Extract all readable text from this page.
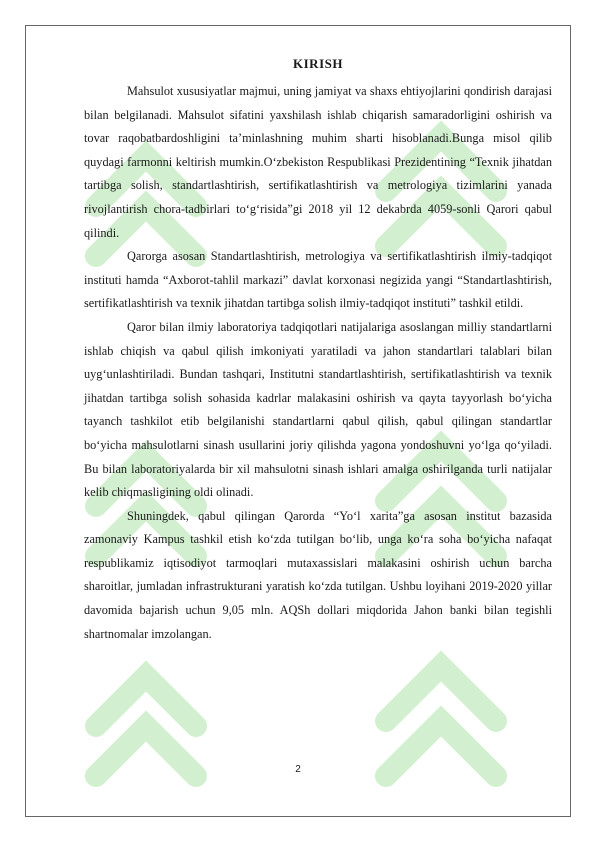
KIRISH

Mahsulot xususiyatlar majmui, uning jamiyat va shaxs ehtiyojlarini qondirish darajasi bilan belgilanadi. Mahsulot sifatini yaxshilash ishlab chiqarish samaradorligini oshirish va tovar raqobatbardoshligini ta’minlashning muhim sharti hisoblanadi.Bunga misol qilib quydagi farmonni keltirish mumkin.O‘zbekiston Respublikasi Prezidentining “Texnik jihatdan tartibga solish, standartlashtirish, sertifikatlashtirish va metrologiya tizimlarini yanada rivojlantirish chora-tadbirlari to‘g‘risida”gi 2018 yil 12 dekabrda 4059-sonli Qarori qabul qilindi.

Qarorga asosan Standartlashtirish, metrologiya va sertifikatlashtirish ilmiy-tadqiqot instituti hamda “Axborot-tahlil markazi” davlat korxonasi negizida yangi “Standartlashtirish, sertifikatlashtirish va texnik jihatdan tartibga solish ilmiy-tadqiqot instituti” tashkil etildi.

Qaror bilan ilmiy laboratoriya tadqiqotlari natijalariga asoslangan milliy standartlarni ishlab chiqish va qabul qilish imkoniyati yaratiladi va jahon standartlari talablari bilan uyg‘unlashtiriladi. Bundan tashqari, Institutni standartlashtirish, sertifikatlashtirish va texnik jihatdan tartibga solish sohasida kadrlar malakasini oshirish va qayta tayyorlash bo‘yicha tayanch tashkilot etib belgilanishi standartlarni qabul qilish, qabul qilingan standartlar bo‘yicha mahsulotlarni sinash usullarini joriy qilishda yagona yondoshuvni yo‘lga qo‘yiladi. Bu bilan laboratoriyalarda bir xil mahsulotni sinash ishlari amalga oshirilganda turli natijalar kelib chiqmasligining oldi olinadi.

Shuningdek, qabul qilingan Qarorda “Yo‘l xarita”ga asosan institut bazasida zamonaviy Kampus tashkil etish ko‘zda tutilgan bo‘lib, unga ko‘ra soha bo‘yicha nafaqat respublikamiz iqtisodiyot tarmoqlari mutaxassislari malakasini oshirish uchun barcha sharoitlar, jumladan infrastrukturani yaratish ko‘zda tutilgan. Ushbu loyihani 2019-2020 yillar davomida bajarish uchun 9,05 mln. AQSh dollari miqdorida Jahon banki bilan tegishli shartnomalar imzolangan.

2
